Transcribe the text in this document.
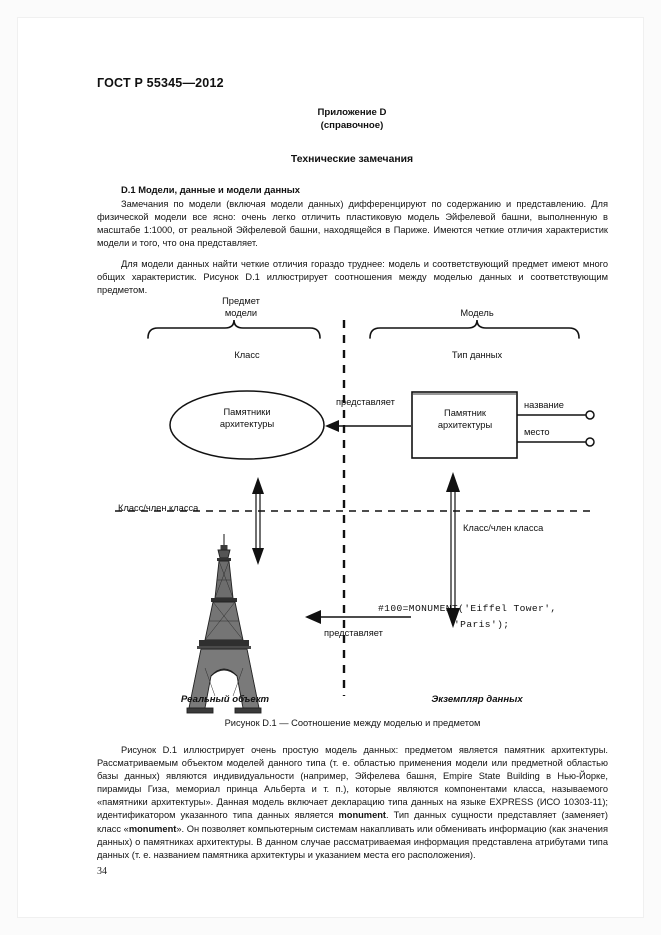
ГОСТ Р 55345—2012
Приложение D
(справочное)
Технические замечания
D.1 Модели, данные и модели данных
Замечания по модели (включая модели данных) дифференцируют по содержанию и представлению. Для физической модели все ясно: очень легко отличить пластиковую модель Эйфелевой башни, выполненную в масштабе 1:1000, от реальной Эйфелевой башни, находящейся в Париже. Имеются четкие отличия характеристик модели и того, что она представляет.
Для модели данных найти четкие отличия гораздо труднее: модель и соответствующий предмет имеют много общих характеристик. Рисунок D.1 иллюстрирует соотношения между моделью данных и соответствующим предметом.
Предмет
модели	Модель
Класс	Тип данных
Памятники
архитектуры
Памятник
архитектуры
представляет	название
место
Класс/член класса
Класс/член класса
#100=MONUMENT('Eiffel Tower',
'Paris');
представляет
Реальный объект	Экземпляр данных
Рисунок D.1 — Соотношение между моделью и предметом
Рисунок D.1 иллюстрирует очень простую модель данных: предметом является памятник архитектуры. Рассматриваемым объектом моделей данного типа (т. е. областью применения модели или предметной областью базы данных) являются индивидуальности (например, Эйфелева башня, Empire State Building в Нью-Йорке, пирамиды Гиза, мемориал принца Альберта и т. п.), которые являются компонентами класса, называемого «памятники архитектуры». Данная модель включает декларацию типа данных на языке EXPRESS (ИСО 10303-11); идентификатором указанного типа данных является monument. Тип данных сущности представляет (заменяет) класс «monument». Он позволяет компьютерным системам накапливать или обменивать информацию (как значения данных) о памятниках архитектуры. В данном случае рассматриваемая информация представлена атрибутами типа данных (т. е. названием памятника архитектуры и указанием места его расположения).
34
